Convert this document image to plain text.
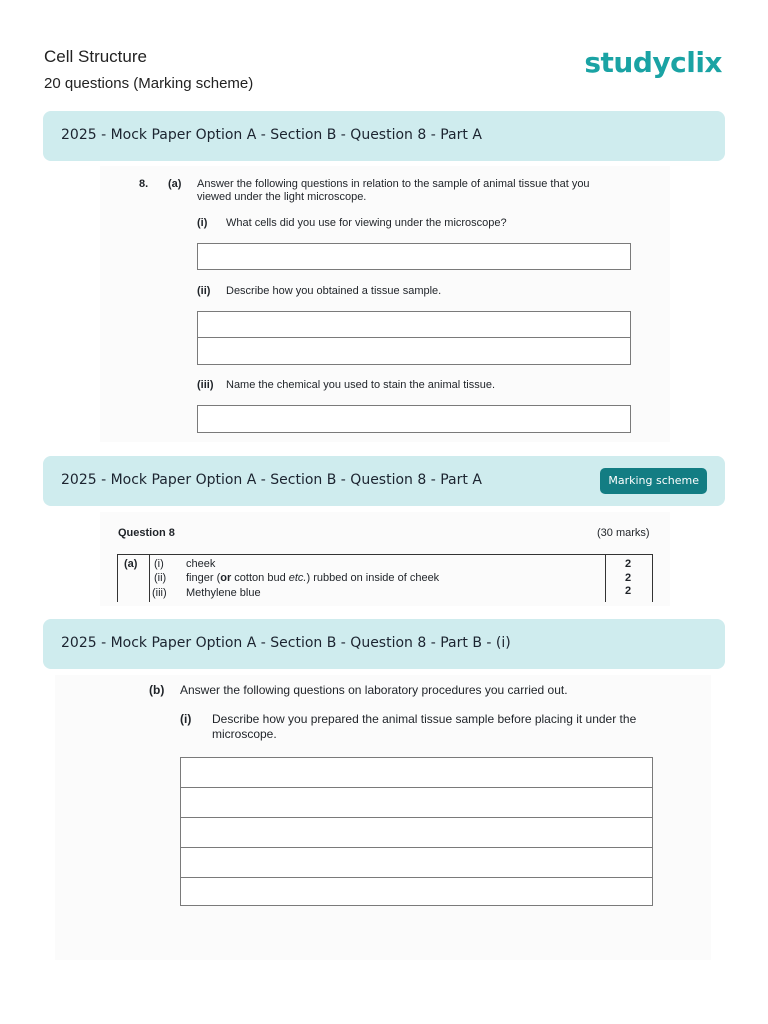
Cell Structure
20 questions (Marking scheme)
studyclix
2025 - Mock Paper Option A - Section B - Question 8 - Part A
8. (a) Answer the following questions in relation to the sample of animal tissue that you
viewed under the light microscope.
(i) What cells did you use for viewing under the microscope?
(ii) Describe how you obtained a tissue sample.
(iii) Name the chemical you used to stain the animal tissue.
2025 - Mock Paper Option A - Section B - Question 8 - Part A	Marking scheme
Question 8	(30 marks)
(a) (i) cheek	2
(ii) finger (or cotton bud etc.) rubbed on inside of cheek	2
(iii) Methylene blue	2
2025 - Mock Paper Option A - Section B - Question 8 - Part B - (i)
(b) Answer the following questions on laboratory procedures you carried out.
(i) Describe how you prepared the animal tissue sample before placing it under the
microscope.
